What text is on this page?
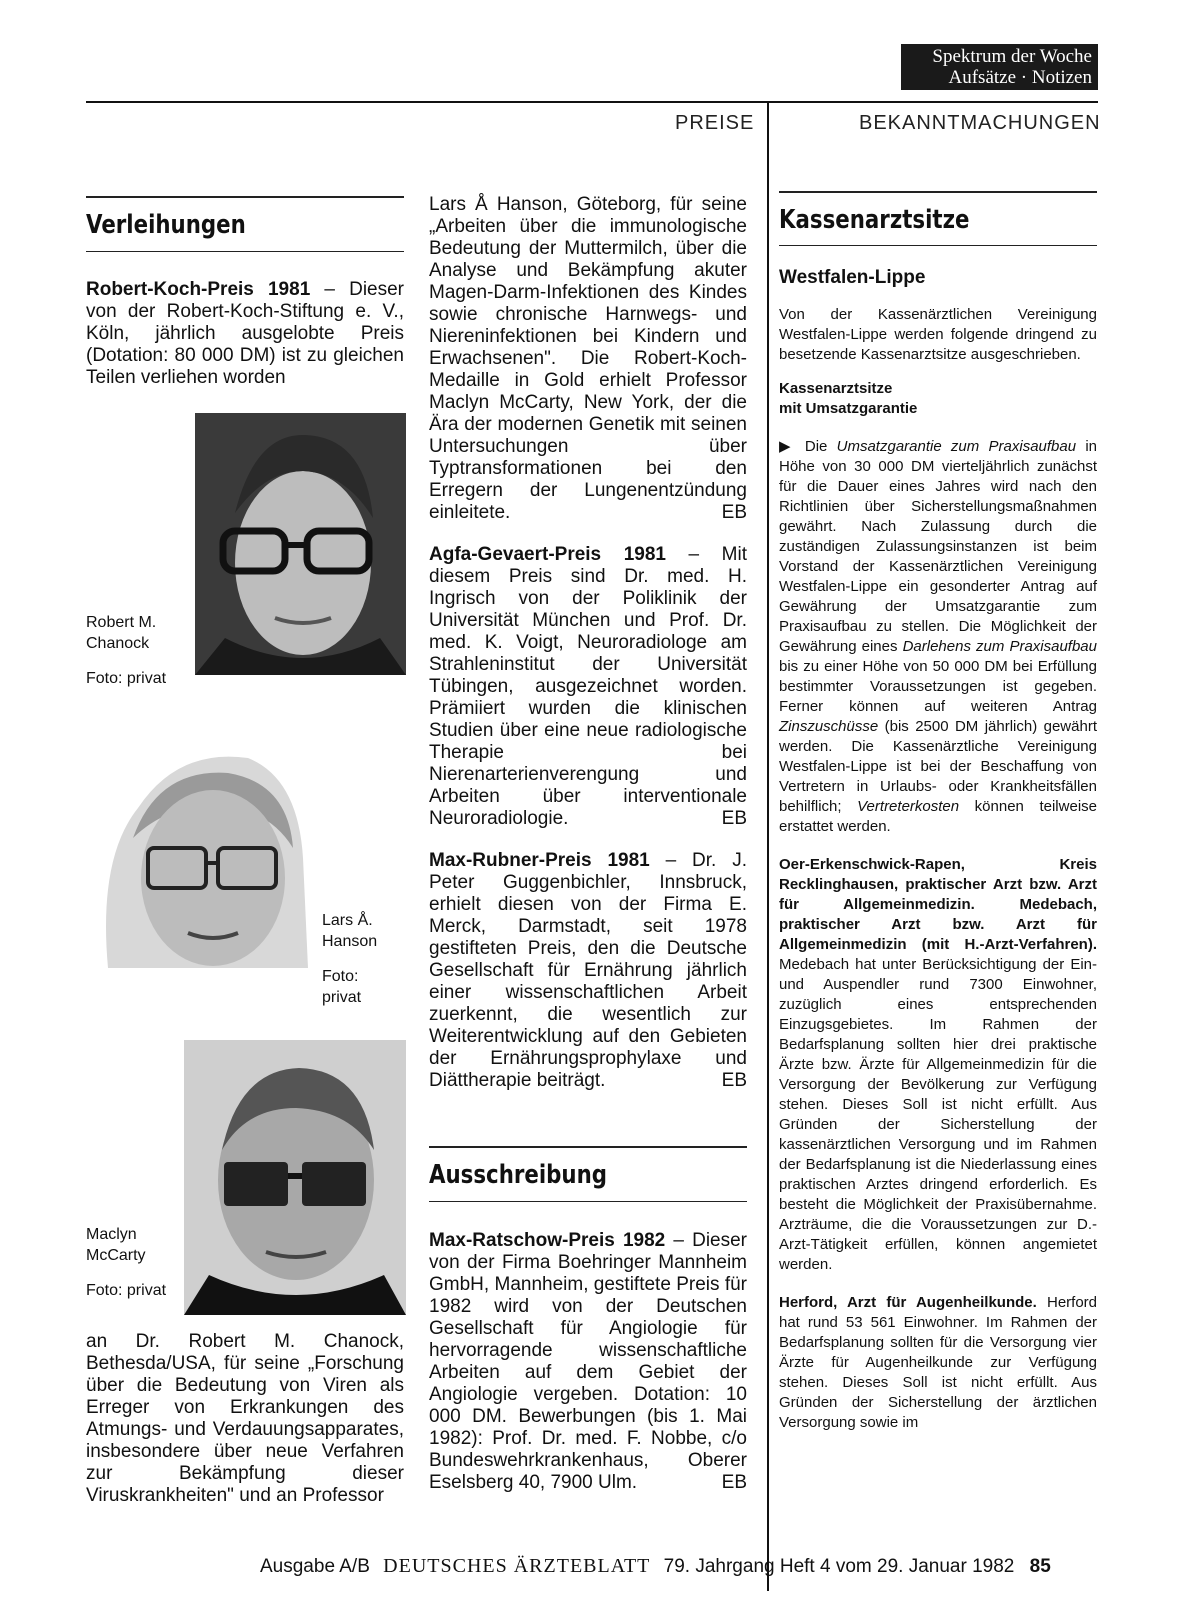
Spektrum der Woche
Aufsätze · Notizen
PREISE	BEKANNTMACHUNGEN
Verleihungen

Robert-Koch-Preis 1981 – Dieser von der Robert-Koch-Stiftung e. V., Köln, jährlich ausgelobte Preis (Dotation: 80 000 DM) ist zu gleichen Teilen verliehen worden

Robert M. Chanock
Foto: privat
Lars Å. Hanson
Foto: privat
Maclyn McCarty
Foto: privat

an Dr. Robert M. Chanock, Bethesda/USA, für seine „Forschung über die Bedeutung von Viren als Erreger von Erkrankungen des Atmungs- und Verdauungsapparates, insbesondere über neue Verfahren zur Bekämpfung dieser Viruskrankheiten" und an Professor

Lars Å Hanson, Göteborg, für seine „Arbeiten über die immunologische Bedeutung der Muttermilch, über die Analyse und Bekämpfung akuter Magen-Darm-Infektionen des Kindes sowie chronische Harnwegs- und Niereninfektionen bei Kindern und Erwachsenen". Die Robert-Koch-Medaille in Gold erhielt Professor Maclyn McCarty, New York, der die Ära der modernen Genetik mit seinen Untersuchungen über Typtransformationen bei den Erregern der Lungenentzündung einleitete.	EB

Agfa-Gevaert-Preis 1981 – Mit diesem Preis sind Dr. med. H. Ingrisch von der Poliklinik der Universität München und Prof. Dr. med. K. Voigt, Neuroradiologe am Strahleninstitut der Universität Tübingen, ausgezeichnet worden. Prämiiert wurden die klinischen Studien über eine neue radiologische Therapie bei Nierenarterienverengung und Arbeiten über interventionale Neuroradiologie.	EB

Max-Rubner-Preis 1981 – Dr. J. Peter Guggenbichler, Innsbruck, erhielt diesen von der Firma E. Merck, Darmstadt, seit 1978 gestifteten Preis, den die Deutsche Gesellschaft für Ernährung jährlich einer wissenschaftlichen Arbeit zuerkennt, die wesentlich zur Weiterentwicklung auf den Gebieten der Ernährungsprophylaxe und Diättherapie beiträgt.	EB

Ausschreibung

Max-Ratschow-Preis 1982 – Dieser von der Firma Boehringer Mannheim GmbH, Mannheim, gestiftete Preis für 1982 wird von der Deutschen Gesellschaft für Angiologie für hervorragende wissenschaftliche Arbeiten auf dem Gebiet der Angiologie vergeben. Dotation: 10 000 DM. Bewerbungen (bis 1. Mai 1982): Prof. Dr. med. F. Nobbe, c/o Bundeswehrkrankenhaus, Oberer Eselsberg 40, 7900 Ulm.	EB

Kassenarztsitze
Westfalen-Lippe

Von der Kassenärztlichen Vereinigung Westfalen-Lippe werden folgende dringend zu besetzende Kassenarztsitze ausgeschrieben.

Kassenarztsitze
mit Umsatzgarantie

▶ Die Umsatzgarantie zum Praxisaufbau in Höhe von 30 000 DM vierteljährlich zunächst für die Dauer eines Jahres wird nach den Richtlinien über Sicherstellungsmaßnahmen gewährt. Nach Zulassung durch die zuständigen Zulassungsinstanzen ist beim Vorstand der Kassenärztlichen Vereinigung Westfalen-Lippe ein gesonderter Antrag auf Gewährung der Umsatzgarantie zum Praxisaufbau zu stellen. Die Möglichkeit der Gewährung eines Darlehens zum Praxisaufbau bis zu einer Höhe von 50 000 DM bei Erfüllung bestimmter Voraussetzungen ist gegeben. Ferner können auf weiteren Antrag Zinszuschüsse (bis 2500 DM jährlich) gewährt werden. Die Kassenärztliche Vereinigung Westfalen-Lippe ist bei der Beschaffung von Vertretern in Urlaubs- oder Krankheitsfällen behilflich; Vertreterkosten können teilweise erstattet werden.

Oer-Erkenschwick-Rapen, Kreis Recklinghausen, praktischer Arzt bzw. Arzt für Allgemeinmedizin. Medebach, praktischer Arzt bzw. Arzt für Allgemeinmedizin (mit H.-Arzt-Verfahren). Medebach hat unter Berücksichtigung der Ein- und Auspendler rund 7300 Einwohner, zuzüglich eines entsprechenden Einzugsgebietes. Im Rahmen der Bedarfsplanung sollten hier drei praktische Ärzte bzw. Ärzte für Allgemeinmedizin für die Versorgung der Bevölkerung zur Verfügung stehen. Dieses Soll ist nicht erfüllt. Aus Gründen der Sicherstellung der kassenärztlichen Versorgung und im Rahmen der Bedarfsplanung ist die Niederlassung eines praktischen Arztes dringend erforderlich. Es besteht die Möglichkeit der Praxisübernahme. Arzträume, die die Voraussetzungen zur D.-Arzt-Tätigkeit erfüllen, können angemietet werden.

Herford, Arzt für Augenheilkunde. Herford hat rund 53 561 Einwohner. Im Rahmen der Bedarfsplanung sollten für die Versorgung vier Ärzte für Augenheilkunde zur Verfügung stehen. Dieses Soll ist nicht erfüllt. Aus Gründen der Sicherstellung der ärztlichen Versorgung sowie im

Ausgabe A/B DEUTSCHES ÄRZTEBLATT 79. Jahrgang Heft 4 vom 29. Januar 1982 85
